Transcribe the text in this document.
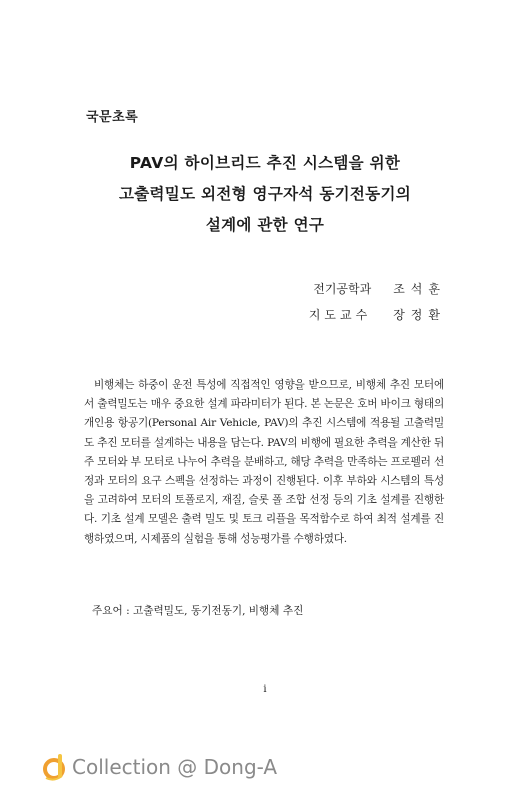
국문초록
PAV의 하이브리드 추진 시스템을 위한
고출력밀도 외전형 영구자석 동기전동기의
설계에 관한 연구
전기공학과 조석훈
지도교수 장정환

비행체는 하중이 운전 특성에 직접적인 영향을 받으므로, 비행체 추진 모터에서 출력밀도는 매우 중요한 설계 파라미터가 된다. 본 논문은 호버 바이크 형태의 개인용 항공기(Personal Air Vehicle, PAV)의 추진 시스템에 적용될 고출력밀도 추진 모터를 설계하는 내용을 담는다. PAV의 비행에 필요한 추력을 계산한 뒤 주 모터와 부 모터로 나누어 추력을 분배하고, 해당 추력을 만족하는 프로펠러 선정과 모터의 요구 스펙을 선정하는 과정이 진행된다. 이후 부하와 시스템의 특성을 고려하여 모터의 토폴로지, 재질, 슬롯 폴 조합 선정 등의 기초 설계를 진행한다. 기초 설계 모델은 출력 밀도 및 토크 리플을 목적함수로 하여 최적 설계를 진행하였으며, 시제품의 실험을 통해 성능평가를 수행하였다.

주요어 : 고출력밀도, 동기전동기, 비행체 추진
i
Collection @ Dong-A
